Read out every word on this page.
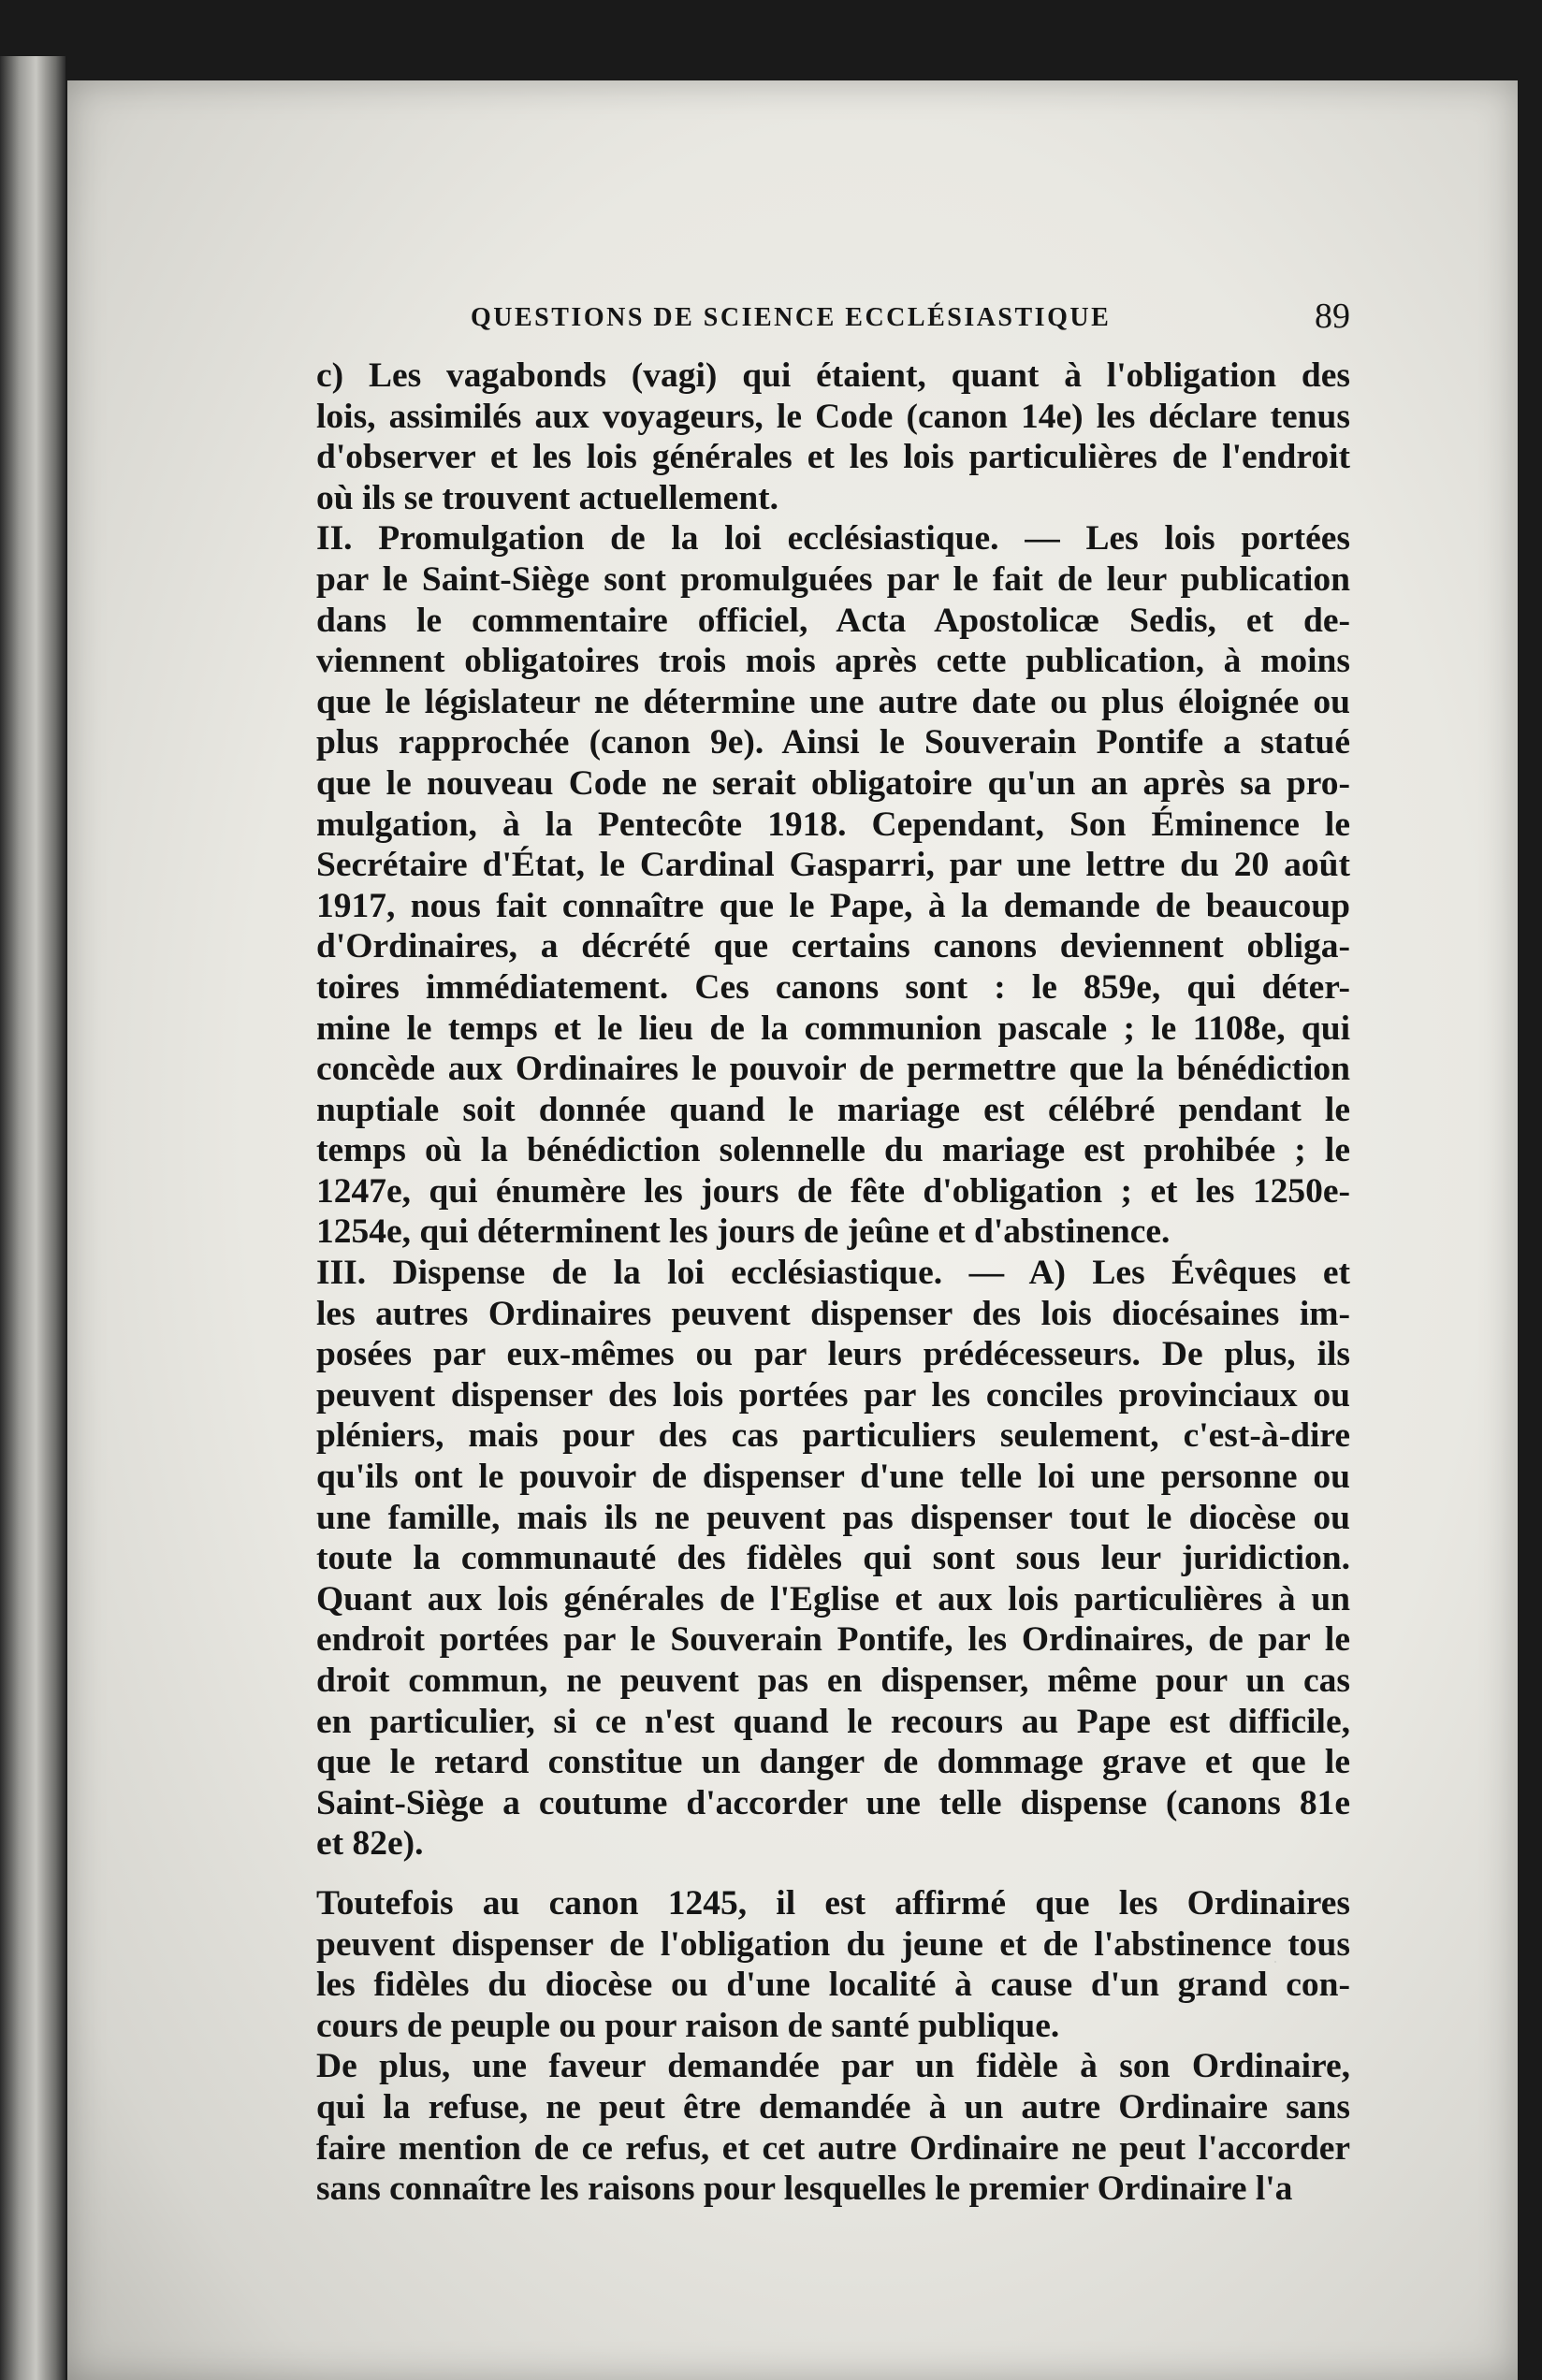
QUESTIONS DE SCIENCE ECCLÉSIASTIQUE	89

c) Les vagabonds (vagi) qui étaient, quant à l'obligation des
lois, assimilés aux voyageurs, le Code (canon 14e) les déclare tenus
d'observer et les lois générales et les lois particulières de l'endroit
où ils se trouvent actuellement.

II. Promulgation de la loi ecclésiastique. — Les lois portées
par le Saint-Siège sont promulguées par le fait de leur publication
dans le commentaire officiel, Acta Apostolicæ Sedis, et de-
viennent obligatoires trois mois après cette publication, à moins
que le législateur ne détermine une autre date ou plus éloignée ou
plus rapprochée (canon 9e). Ainsi le Souverain Pontife a statué
que le nouveau Code ne serait obligatoire qu'un an après sa pro-
mulgation, à la Pentecôte 1918. Cependant, Son Éminence le
Secrétaire d'État, le Cardinal Gasparri, par une lettre du 20 août
1917, nous fait connaître que le Pape, à la demande de beaucoup
d'Ordinaires, a décrété que certains canons deviennent obliga-
toires immédiatement. Ces canons sont : le 859e, qui déter-
mine le temps et le lieu de la communion pascale ; le 1108e, qui
concède aux Ordinaires le pouvoir de permettre que la bénédiction
nuptiale soit donnée quand le mariage est célébré pendant le
temps où la bénédiction solennelle du mariage est prohibée ; le
1247e, qui énumère les jours de fête d'obligation ; et les 1250e-
1254e, qui déterminent les jours de jeûne et d'abstinence.

III. Dispense de la loi ecclésiastique. — A) Les Évêques et
les autres Ordinaires peuvent dispenser des lois diocésaines im-
posées par eux-mêmes ou par leurs prédécesseurs. De plus, ils
peuvent dispenser des lois portées par les conciles provinciaux ou
pléniers, mais pour des cas particuliers seulement, c'est-à-dire
qu'ils ont le pouvoir de dispenser d'une telle loi une personne ou
une famille, mais ils ne peuvent pas dispenser tout le diocèse ou
toute la communauté des fidèles qui sont sous leur juridiction.
Quant aux lois générales de l'Eglise et aux lois particulières à un
endroit portées par le Souverain Pontife, les Ordinaires, de par le
droit commun, ne peuvent pas en dispenser, même pour un cas
en particulier, si ce n'est quand le recours au Pape est difficile,
que le retard constitue un danger de dommage grave et que le
Saint-Siège a coutume d'accorder une telle dispense (canons 81e
et 82e).

Toutefois au canon 1245, il est affirmé que les Ordinaires
peuvent dispenser de l'obligation du jeune et de l'abstinence tous
les fidèles du diocèse ou d'une localité à cause d'un grand con-
cours de peuple ou pour raison de santé publique.

De plus, une faveur demandée par un fidèle à son Ordinaire,
qui la refuse, ne peut être demandée à un autre Ordinaire sans
faire mention de ce refus, et cet autre Ordinaire ne peut l'accorder
sans connaître les raisons pour lesquelles le premier Ordinaire l'a
